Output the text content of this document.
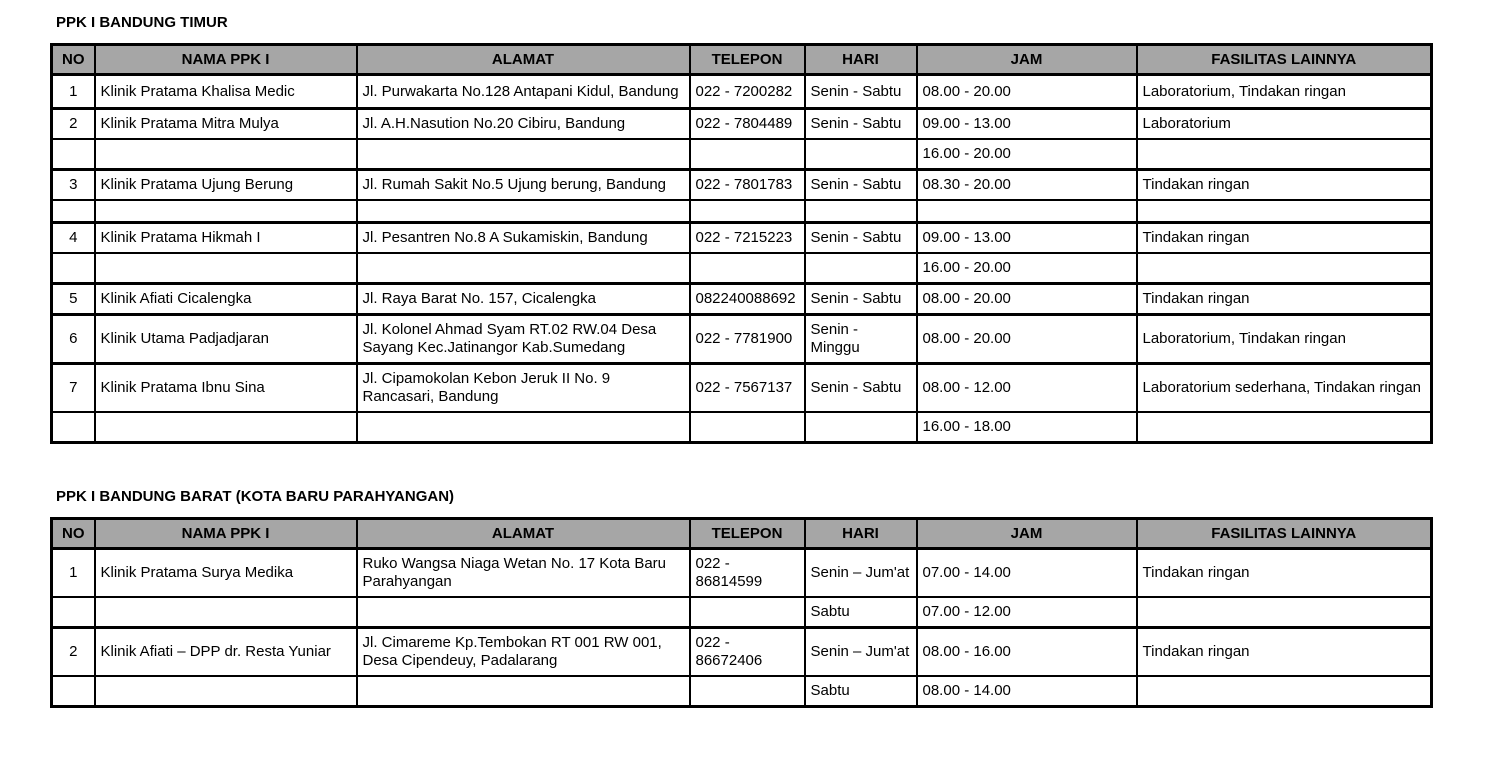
PPK I BANDUNG TIMUR
NO	NAMA PPK I	ALAMAT	TELEPON	HARI	JAM	FASILITAS LAINNYA
1	Klinik Pratama Khalisa Medic	Jl. Purwakarta No.128 Antapani Kidul, Bandung	022 - 7200282	Senin - Sabtu	08.00 - 20.00	Laboratorium, Tindakan ringan
2	Klinik Pratama Mitra Mulya	Jl. A.H.Nasution No.20 Cibiru, Bandung	022 - 7804489	Senin - Sabtu	09.00 - 13.00	Laboratorium
					16.00 - 20.00	
3	Klinik Pratama Ujung Berung	Jl. Rumah Sakit No.5 Ujung berung, Bandung	022 - 7801783	Senin - Sabtu	08.30 - 20.00	Tindakan ringan

4	Klinik Pratama Hikmah I	Jl. Pesantren No.8 A Sukamiskin, Bandung	022 - 7215223	Senin - Sabtu	09.00 - 13.00	Tindakan ringan
					16.00 - 20.00	
5	Klinik Afiati Cicalengka	Jl. Raya Barat No. 157, Cicalengka	082240088692	Senin - Sabtu	08.00 - 20.00	Tindakan ringan
6	Klinik Utama Padjadjaran	Jl. Kolonel Ahmad Syam RT.02 RW.04 Desa Sayang Kec.Jatinangor Kab.Sumedang	022 - 7781900	Senin - Minggu	08.00 - 20.00	Laboratorium, Tindakan ringan
7	Klinik Pratama Ibnu Sina	Jl. Cipamokolan Kebon Jeruk II No. 9 Rancasari, Bandung	022 - 7567137	Senin - Sabtu	08.00 - 12.00	Laboratorium sederhana, Tindakan ringan
					16.00 - 18.00	
PPK I BANDUNG BARAT (KOTA BARU PARAHYANGAN)
NO	NAMA PPK I	ALAMAT	TELEPON	HARI	JAM	FASILITAS LAINNYA
1	Klinik Pratama Surya Medika	Ruko Wangsa Niaga Wetan No. 17 Kota Baru Parahyangan	022 - 86814599	Senin – Jum'at	07.00 - 14.00	Tindakan ringan
				Sabtu	07.00 - 12.00	
2	Klinik Afiati – DPP dr. Resta Yuniar	Jl. Cimareme Kp.Tembokan RT 001 RW 001, Desa Cipendeuy, Padalarang	022 - 86672406	Senin – Jum'at	08.00 - 16.00	Tindakan ringan
				Sabtu	08.00 - 14.00	
